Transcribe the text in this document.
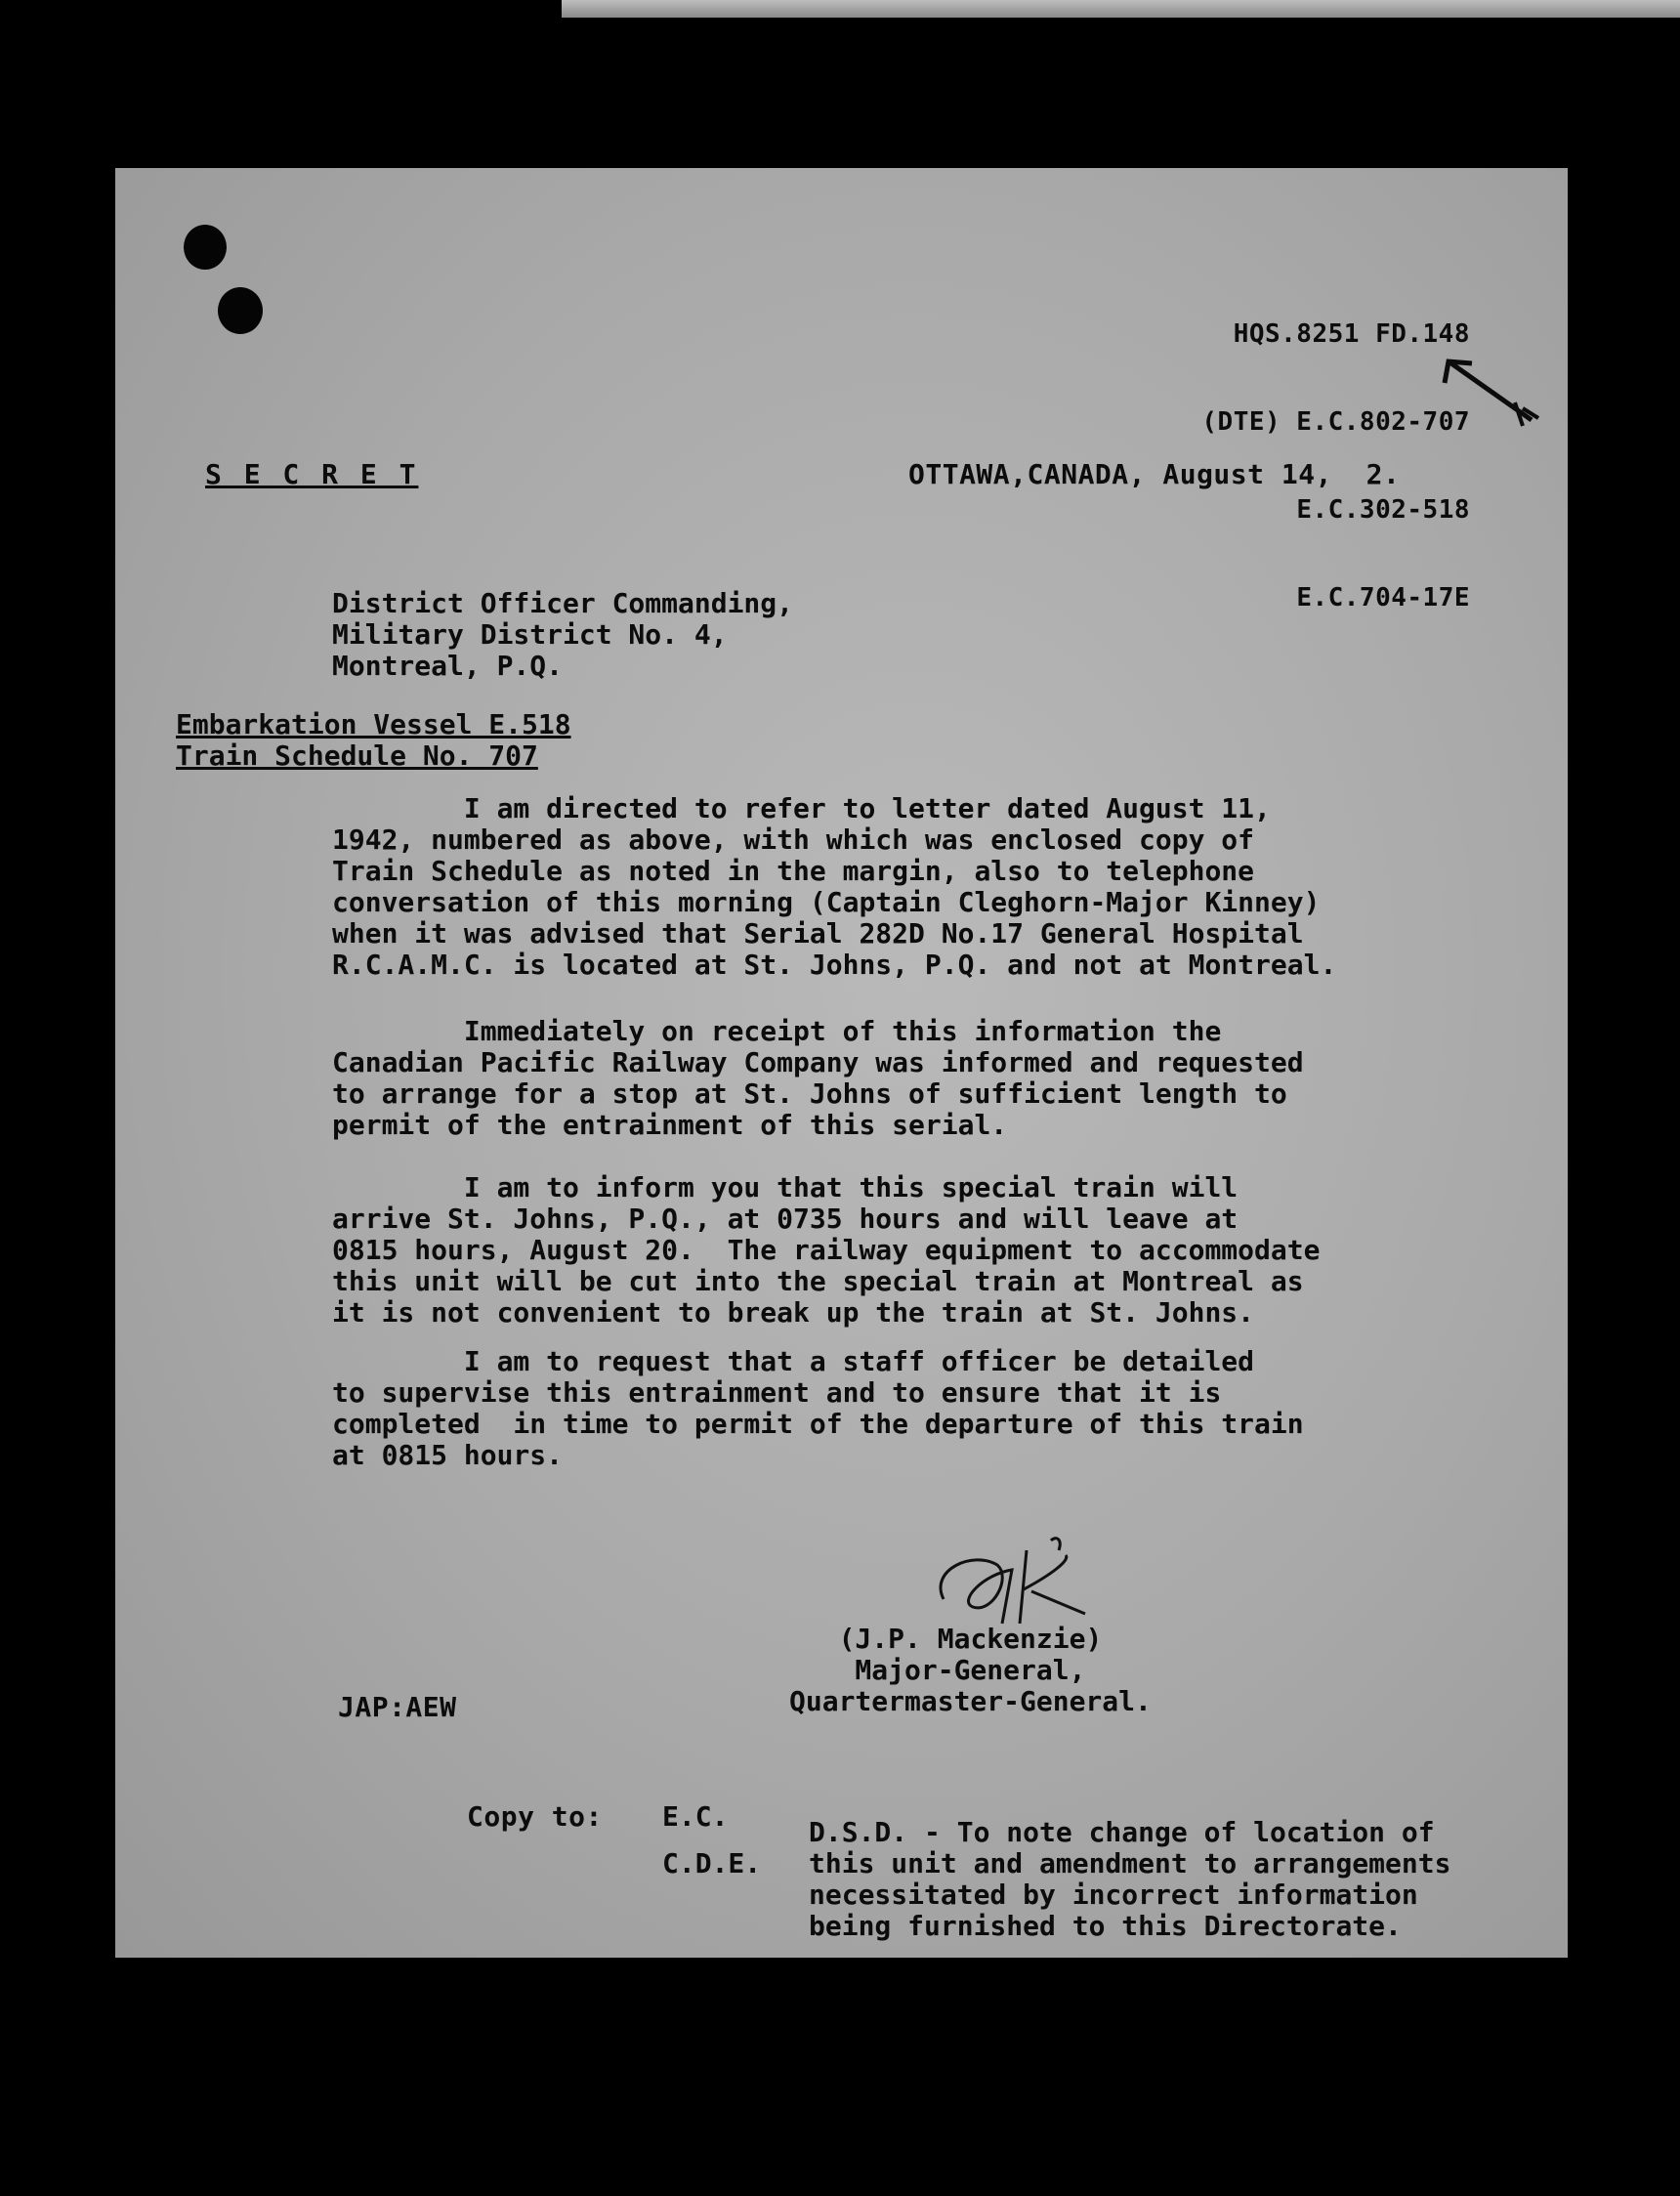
HQS.8251 FD.148

(DTE) E.C.802-707

E.C.302-518

E.C.704-17E

S E C R E T	OTTAWA,CANADA, August 14,  2.
District Officer Commanding,
Military District No. 4,
Montreal, P.Q.
Embarkation Vessel E.518
Train Schedule No. 707
I am directed to refer to letter dated August 11,
1942, numbered as above, with which was enclosed copy of
Train Schedule as noted in the margin, also to telephone
conversation of this morning (Captain Cleghorn-Major Kinney)
when it was advised that Serial 282D No.17 General Hospital
R.C.A.M.C. is located at St. Johns, P.Q. and not at Montreal.
Immediately on receipt of this information the
Canadian Pacific Railway Company was informed and requested
to arrange for a stop at St. Johns of sufficient length to
permit of the entrainment of this serial.
I am to inform you that this special train will
arrive St. Johns, P.Q., at 0735 hours and will leave at
0815 hours, August 20.  The railway equipment to accommodate
this unit will be cut into the special train at Montreal as
it is not convenient to break up the train at St. Johns.
I am to request that a staff officer be detailed
to supervise this entrainment and to ensure that it is
completed  in time to permit of the departure of this train
at 0815 hours.
(J.P. Mackenzie)
Major-General,
Quartermaster-General.
JAP:AEW
Copy to: E.C.
C.D.E.
D.S.D. - To note change of location of
this unit and amendment to arrangements
necessitated by incorrect information
being furnished to this Directorate.
